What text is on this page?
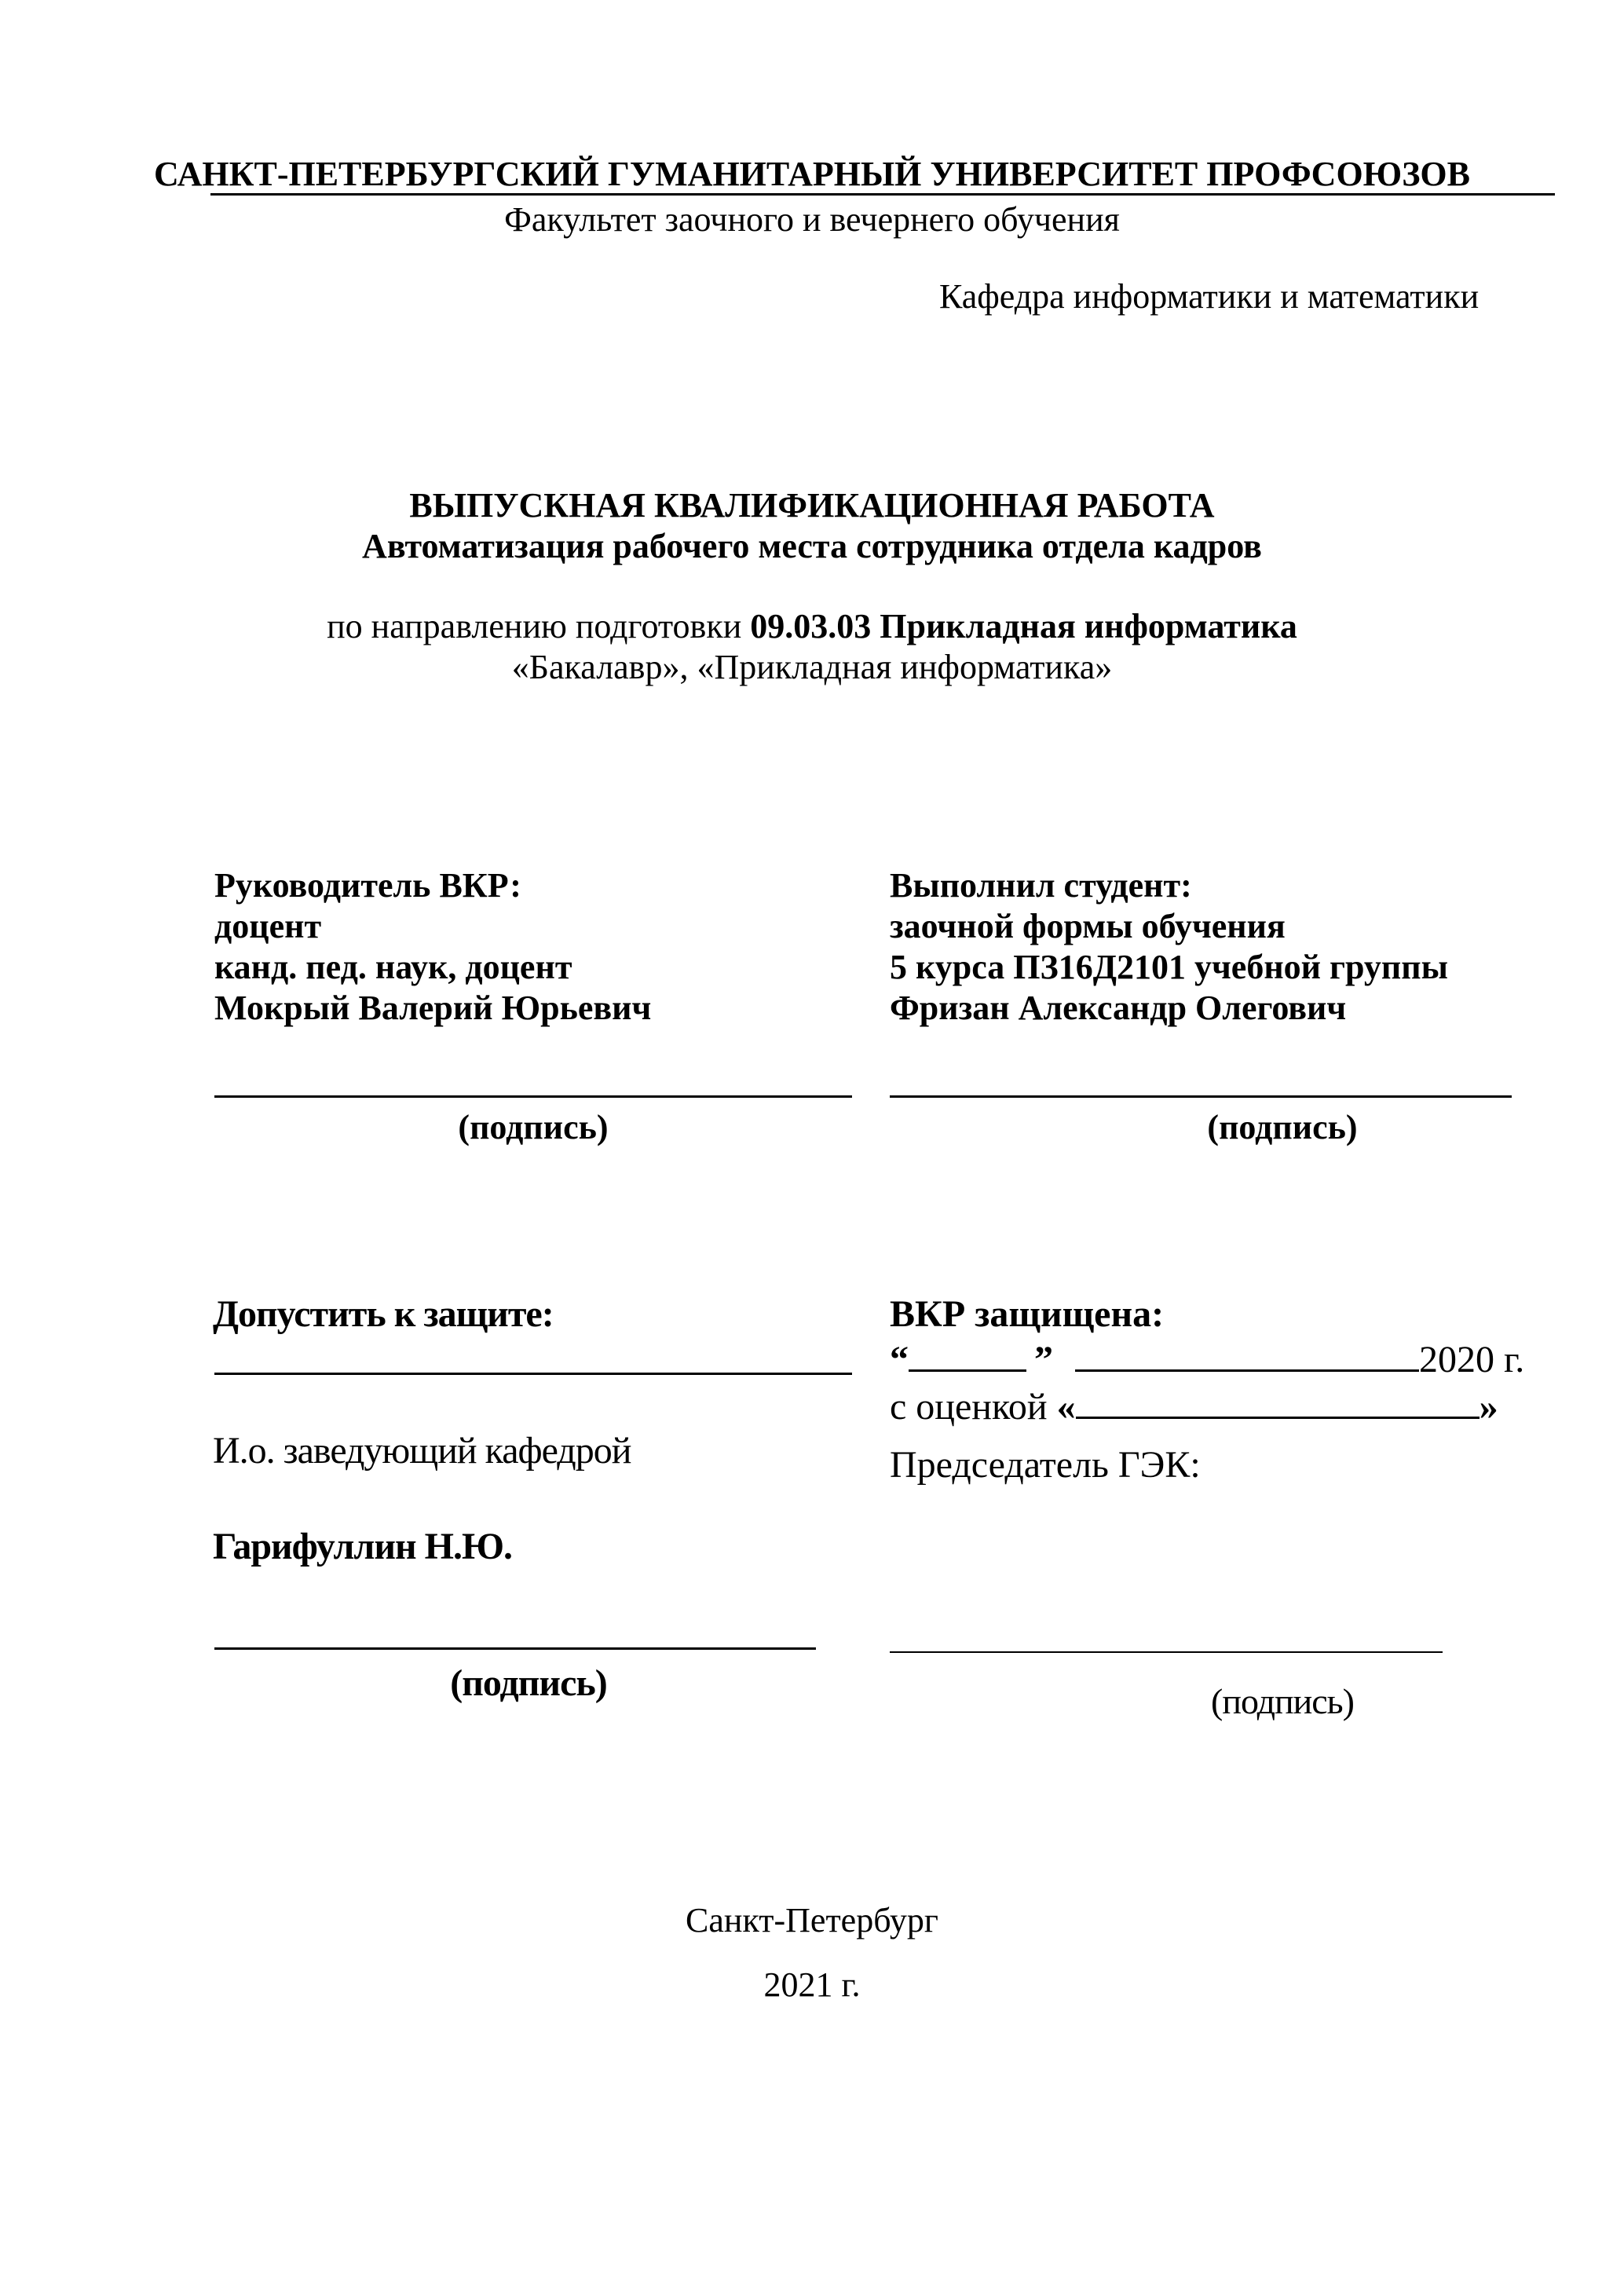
САНКТ-ПЕТЕРБУРГСКИЙ ГУМАНИТАРНЫЙ УНИВЕРСИТЕТ ПРОФСОЮЗОВ
Факультет заочного и вечернего обучения
Кафедра информатики и математики
ВЫПУСКНАЯ КВАЛИФИКАЦИОННАЯ РАБОТА
Автоматизация рабочего места сотрудника отдела кадров
по направлению подготовки 09.03.03 Прикладная информатика
«Бакалавр», «Прикладная информатика»
Руководитель ВКР:
доцент
канд. пед. наук, доцент
Мокрый Валерий Юрьевич
(подпись)
Выполнил студент:
заочной формы обучения
5 курса ПЗ16Д2101 учебной группы
Фризан Александр Олегович
(подпись)
Допустить к защите:
И.о. заведующий кафедрой
Гарифуллин Н.Ю.
(подпись)
ВКР защищена:
“	”	2020 г.
с оценкой «	»
Председатель ГЭК:
(подпись)
Санкт-Петербург
2021 г.
